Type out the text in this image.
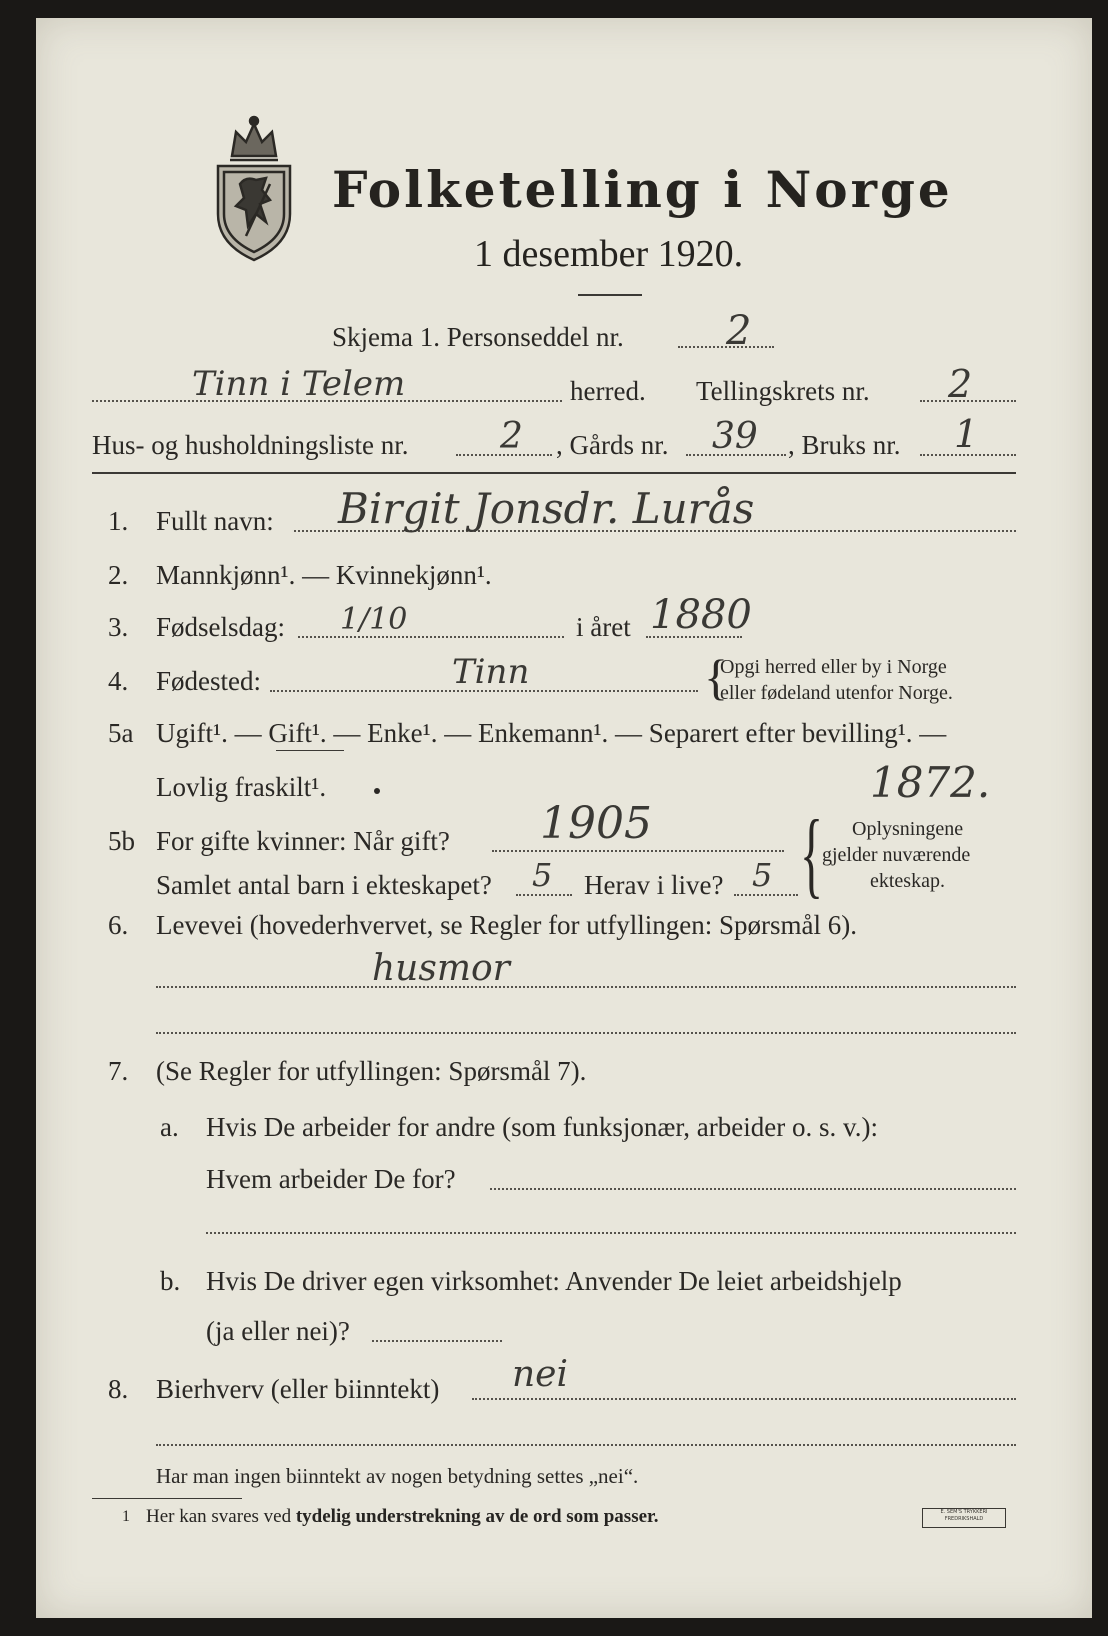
Folketelling i Norge
1 desember 1920.
Skjema 1. Personseddel nr.	2
Tinn i Telem	herred. Tellingskrets nr. 2
Hus- og husholdningsliste nr.	2 , Gårds nr. 39 , Bruks nr. 1
1. Fullt navn: Birgit Jonsdr. Lurås
2. Mannkjønn¹. — Kvinnekjønn¹.
3. Fødselsdag: 1/10	i året 1880
4. Fødested:	Tinn	{
Opgi herred eller by i Norge
eller fødeland utenfor Norge.
5a Ugift¹. — Gift¹. — Enke¹. — Enkemann¹. — Separert efter bevilling¹. —
Lovlig fraskilt¹.	1872.
5b For gifte kvinner: Når gift? 1905
Samlet antal barn i ekteskapet? 5 Herav i live? 5 { Oplysningene
gjelder nuværende
ekteskap.
6. Levevei (hovederhvervet, se Regler for utfyllingen: Spørsmål 6).
husmor
7. (Se Regler for utfyllingen: Spørsmål 7).
a. Hvis De arbeider for andre (som funksjonær, arbeider o. s. v.):
Hvem arbeider De for?
b. Hvis De driver egen virksomhet: Anvender De leiet arbeidshjelp
(ja eller nei)?
8. Bierhverv (eller biinntekt) nei
Har man ingen biinntekt av nogen betydning settes „nei“.
1 Her kan svares ved tydelig understrekning av de ord som passer.	E. SEM'S TRYKKERI FREDRIKSHALD
